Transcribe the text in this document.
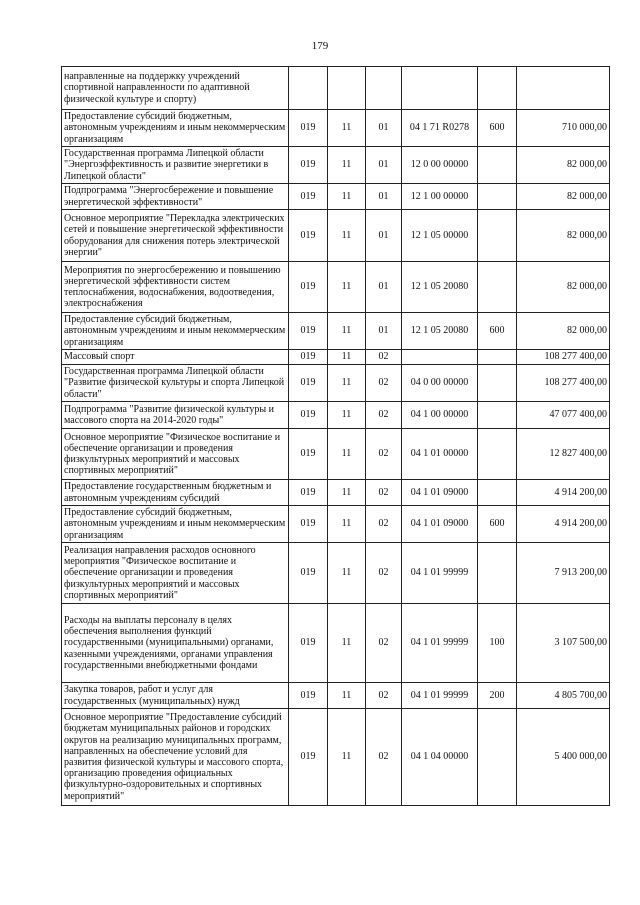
179
направленные на поддержку учреждений спортивной направленности по адаптивной физической культуре и спорту)						
Предоставление субсидий бюджетным, автономным учреждениям и иным некоммерческим организациям	019	11	01	04 1 71 R0278	600	710 000,00
Государственная программа Липецкой области "Энергоэффективность и развитие энергетики в Липецкой области"	019	11	01	12 0 00 00000		82 000,00
Подпрограмма "Энергосбережение и повышение энергетической эффективности"	019	11	01	12 1 00 00000		82 000,00
Основное мероприятие "Перекладка электрических сетей и повышение энергетической эффективности оборудования для снижения потерь электрической энергии"	019	11	01	12 1 05 00000		82 000,00
Мероприятия по энергосбережению и повышению энергетической эффективности систем теплоснабжения, водоснабжения, водоотведения, электроснабжения	019	11	01	12 1 05 20080		82 000,00
Предоставление субсидий бюджетным, автономным учреждениям и иным некоммерческим организациям	019	11	01	12 1 05 20080	600	82 000,00
Массовый спорт	019	11	02			108 277 400,00
Государственная программа Липецкой области "Развитие физической культуры и спорта Липецкой области"	019	11	02	04 0 00 00000		108 277 400,00
Подпрограмма "Развитие физической культуры и массового спорта на 2014-2020 годы"	019	11	02	04 1 00 00000		47 077 400,00
Основное мероприятие "Физическое воспитание и обеспечение организации и проведения физкультурных мероприятий и массовых спортивных мероприятий"	019	11	02	04 1 01 00000		12 827 400,00
Предоставление государственным бюджетным и автономным учреждениям субсидий	019	11	02	04 1 01 09000		4 914 200,00
Предоставление субсидий бюджетным, автономным учреждениям и иным некоммерческим организациям	019	11	02	04 1 01 09000	600	4 914 200,00
Реализация направления расходов основного мероприятия "Физическое воспитание и обеспечение организации и проведения физкультурных мероприятий и массовых спортивных мероприятий"	019	11	02	04 1 01 99999		7 913 200,00
Расходы на выплаты персоналу в целях обеспечения выполнения функций государственными (муниципальными) органами, казенными учреждениями, органами управления государственными внебюджетными фондами	019	11	02	04 1 01 99999	100	3 107 500,00
Закупка товаров, работ и услуг для государственных (муниципальных) нужд	019	11	02	04 1 01 99999	200	4 805 700,00
Основное мероприятие "Предоставление субсидий бюджетам муниципальных районов и городских округов на реализацию муниципальных программ, направленных на обеспечение условий для развития физической культуры и массового спорта, организацию проведения официальных физкультурно-оздоровительных и спортивных мероприятий"	019	11	02	04 1 04 00000		5 400 000,00
